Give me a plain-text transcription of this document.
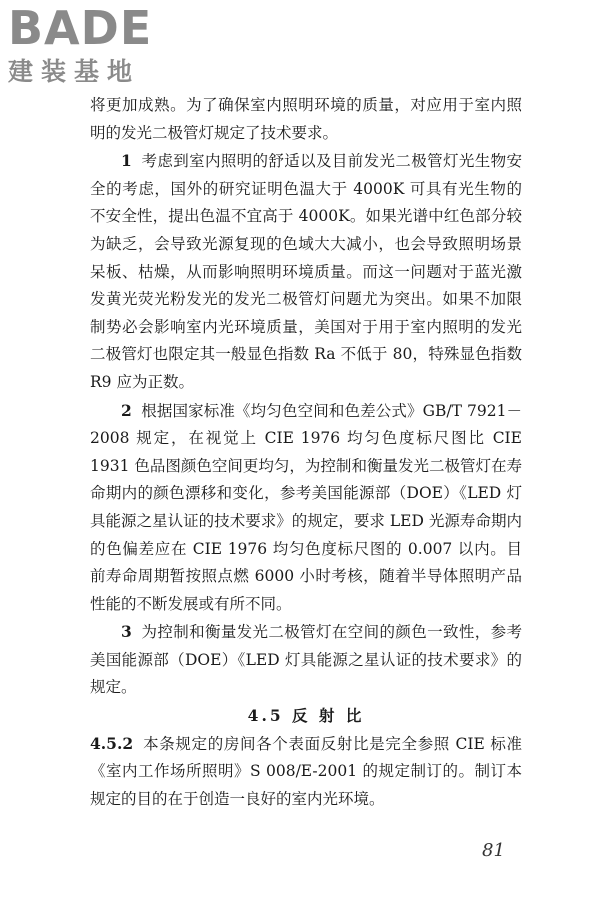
BADE
建装基地

将更加成熟。为了确保室内照明环境的质量，对应用于室内照明的发光二极管灯规定了技术要求。

1 考虑到室内照明的舒适以及目前发光二极管灯光生物安全的考虑，国外的研究证明色温大于 4000K 可具有光生物的不安全性，提出色温不宜高于 4000K。如果光谱中红色部分较为缺乏，会导致光源复现的色域大大减小，也会导致照明场景呆板、枯燥，从而影响照明环境质量。而这一问题对于蓝光激发黄光荧光粉发光的发光二极管灯问题尤为突出。如果不加限制势必会影响室内光环境质量，美国对于用于室内照明的发光二极管灯也限定其一般显色指数 Ra 不低于 80，特殊显色指数 R9 应为正数。

2 根据国家标准《均匀色空间和色差公式》GB/T 7921－2008 规定，在视觉上 CIE 1976 均匀色度标尺图比 CIE 1931 色品图颜色空间更均匀，为控制和衡量发光二极管灯在寿命期内的颜色漂移和变化，参考美国能源部（DOE）《LED 灯具能源之星认证的技术要求》的规定，要求 LED 光源寿命期内的色偏差应在 CIE 1976 均匀色度标尺图的 0.007 以内。目前寿命周期暂按照点燃 6000 小时考核，随着半导体照明产品性能的不断发展或有所不同。

3 为控制和衡量发光二极管灯在空间的颜色一致性，参考美国能源部（DOE）《LED 灯具能源之星认证的技术要求》的规定。

4.5 反 射 比

4.5.2 本条规定的房间各个表面反射比是完全参照 CIE 标准《室内工作场所照明》S 008/E-2001 的规定制订的。制订本规定的目的在于创造一良好的室内光环境。

81
